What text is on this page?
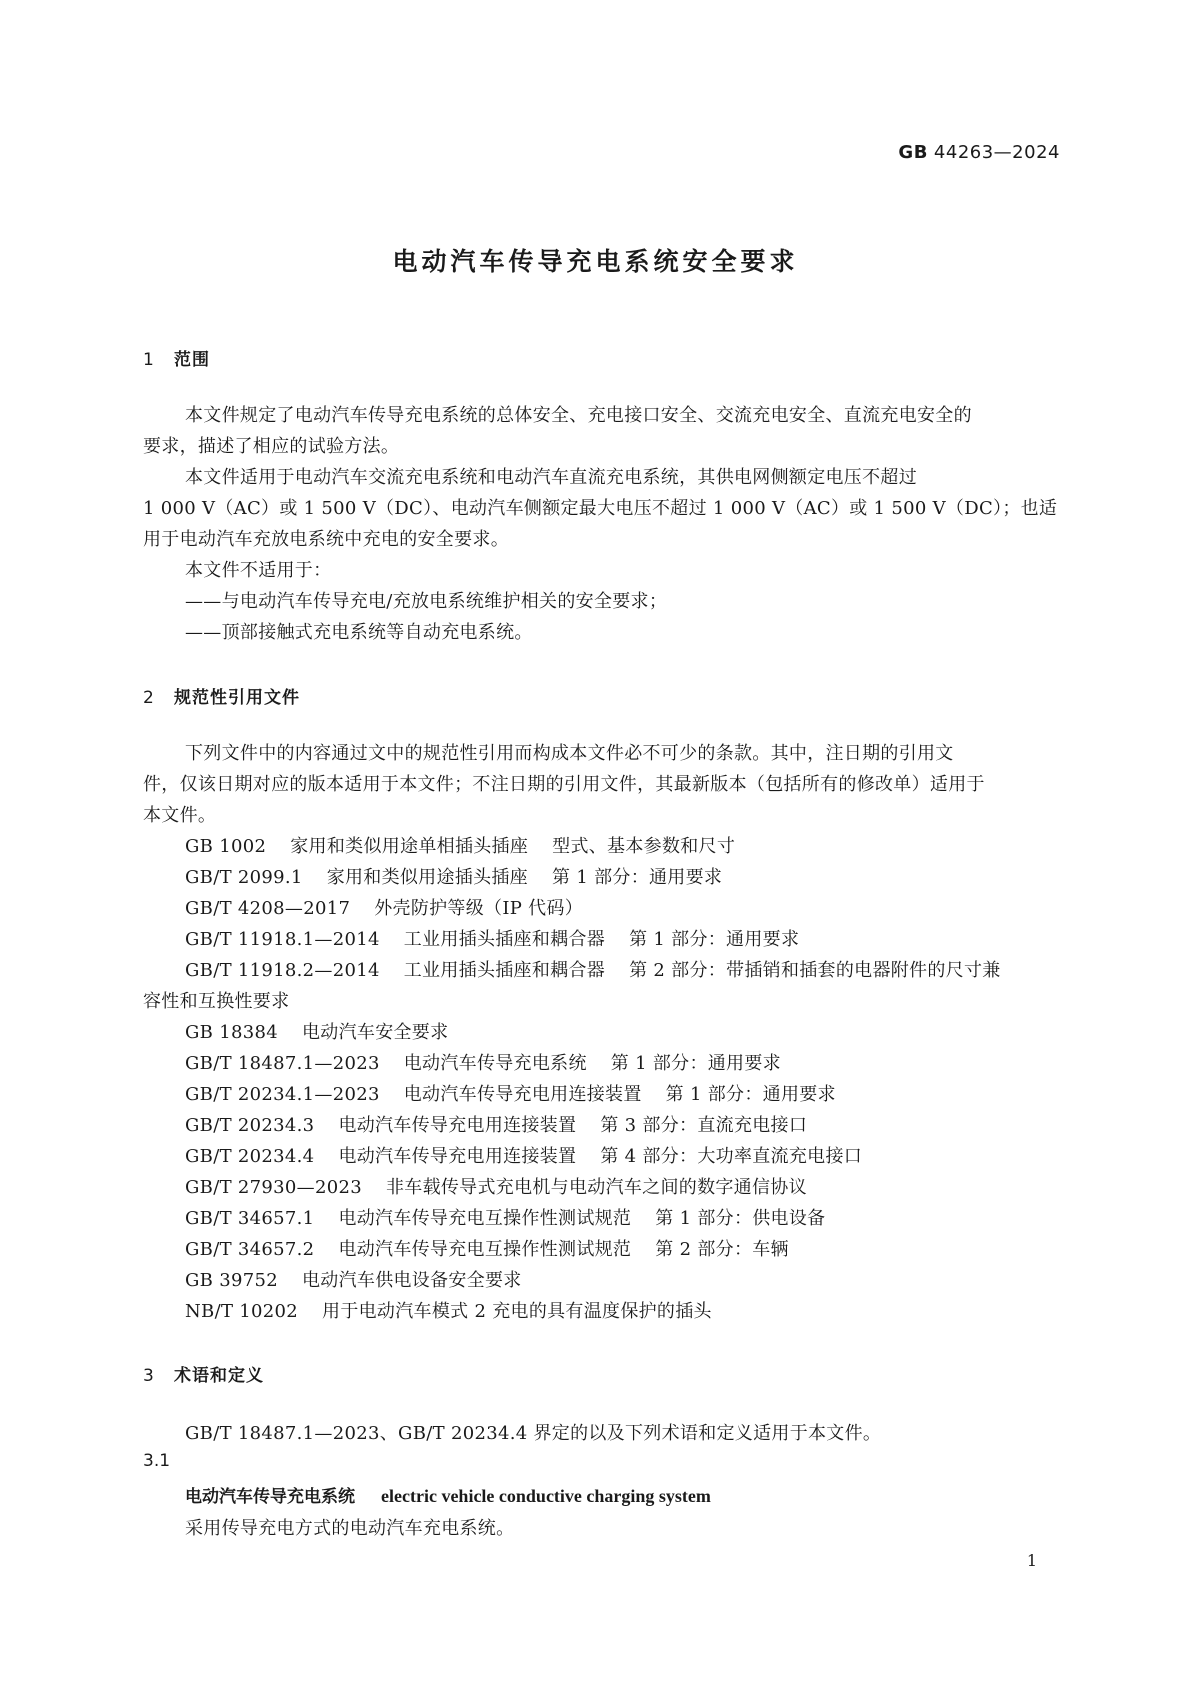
GB 44263—2024
电动汽车传导充电系统安全要求
1 范围
本文件规定了电动汽车传导充电系统的总体安全、充电接口安全、交流充电安全、直流充电安全的
要求，描述了相应的试验方法。
本文件适用于电动汽车交流充电系统和电动汽车直流充电系统，其供电网侧额定电压不超过
1 000 V（AC）或 1 500 V（DC）、电动汽车侧额定最大电压不超过 1 000 V（AC）或 1 500 V（DC）；也适
用于电动汽车充放电系统中充电的安全要求。
本文件不适用于：
——与电动汽车传导充电/充放电系统维护相关的安全要求；
——顶部接触式充电系统等自动充电系统。
2 规范性引用文件
下列文件中的内容通过文中的规范性引用而构成本文件必不可少的条款。其中，注日期的引用文
件，仅该日期对应的版本适用于本文件；不注日期的引用文件，其最新版本（包括所有的修改单）适用于
本文件。
GB 1002 家用和类似用途单相插头插座 型式、基本参数和尺寸
GB/T 2099.1 家用和类似用途插头插座 第 1 部分：通用要求
GB/T 4208—2017 外壳防护等级（IP 代码）
GB/T 11918.1—2014 工业用插头插座和耦合器 第 1 部分：通用要求
GB/T 11918.2—2014 工业用插头插座和耦合器 第 2 部分：带插销和插套的电器附件的尺寸兼
容性和互换性要求
GB 18384 电动汽车安全要求
GB/T 18487.1—2023 电动汽车传导充电系统 第 1 部分：通用要求
GB/T 20234.1—2023 电动汽车传导充电用连接装置 第 1 部分：通用要求
GB/T 20234.3 电动汽车传导充电用连接装置 第 3 部分：直流充电接口
GB/T 20234.4 电动汽车传导充电用连接装置 第 4 部分：大功率直流充电接口
GB/T 27930—2023 非车载传导式充电机与电动汽车之间的数字通信协议
GB/T 34657.1 电动汽车传导充电互操作性测试规范 第 1 部分：供电设备
GB/T 34657.2 电动汽车传导充电互操作性测试规范 第 2 部分：车辆
GB 39752 电动汽车供电设备安全要求
NB/T 10202 用于电动汽车模式 2 充电的具有温度保护的插头
3 术语和定义
GB/T 18487.1—2023、GB/T 20234.4 界定的以及下列术语和定义适用于本文件。
3.1
电动汽车传导充电系统 electric vehicle conductive charging system
采用传导充电方式的电动汽车充电系统。
1
